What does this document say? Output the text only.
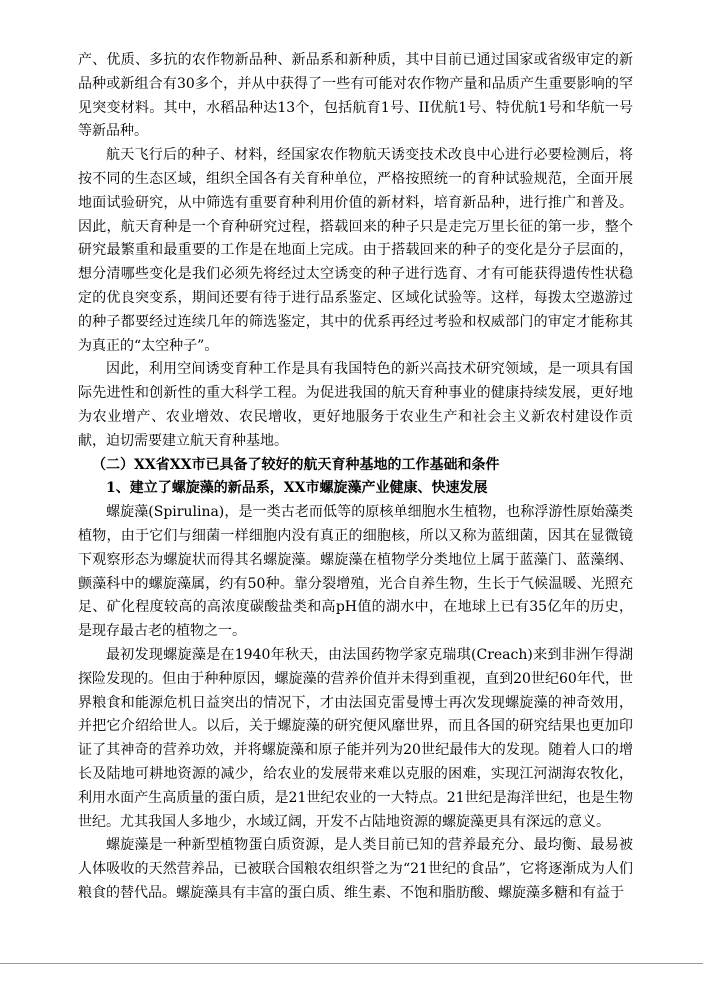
产、优质、多抗的农作物新品种、新品系和新种质，其中目前已通过国家或省级审定的新品种或新组合有30多个，并从中获得了一些有可能对农作物产量和品质产生重要影响的罕见突变材料。其中，水稻品种达13个，包括航育1号、II优航1号、特优航1号和华航一号等新品种。

航天飞行后的种子、材料，经国家农作物航天诱变技术改良中心进行必要检测后，将按不同的生态区域，组织全国各有关育种单位，严格按照统一的育种试验规范，全面开展地面试验研究，从中筛选有重要育种利用价值的新材料，培育新品种，进行推广和普及。因此，航天育种是一个育种研究过程，搭载回来的种子只是走完万里长征的第一步，整个研究最繁重和最重要的工作是在地面上完成。由于搭载回来的种子的变化是分子层面的，想分清哪些变化是我们必须先将经过太空诱变的种子进行选育、才有可能获得遗传性状稳定的优良突变系，期间还要有待于进行品系鉴定、区域化试验等。这样，每拨太空遨游过的种子都要经过连续几年的筛选鉴定，其中的优系再经过考验和权威部门的审定才能称其为真正的“太空种子”。

因此，利用空间诱变育种工作是具有我国特色的新兴高技术研究领域，是一项具有国际先进性和创新性的重大科学工程。为促进我国的航天育种事业的健康持续发展，更好地为农业增产、农业增效、农民增收，更好地服务于农业生产和社会主义新农村建设作贡献，迫切需要建立航天育种基地。

（二）XX省XX市已具备了较好的航天育种基地的工作基础和条件

1、建立了螺旋藻的新品系，XX市螺旋藻产业健康、快速发展

螺旋藻(Spirulina)，是一类古老而低等的原核单细胞水生植物，也称浮游性原始藻类植物，由于它们与细菌一样细胞内没有真正的细胞核，所以又称为蓝细菌，因其在显微镜下观察形态为螺旋状而得其名螺旋藻。螺旋藻在植物学分类地位上属于蓝藻门、蓝藻纲、颤藻科中的螺旋藻属，约有50种。靠分裂增殖，光合自养生物，生长于气候温暖、光照充足、矿化程度较高的高浓度碳酸盐类和高pH值的湖水中，在地球上已有35亿年的历史，是现存最古老的植物之一。

最初发现螺旋藻是在1940年秋天，由法国药物学家克瑞琪(Creach)来到非洲乍得湖探险发现的。但由于种种原因，螺旋藻的营养价值并未得到重视，直到20世纪60年代，世界粮食和能源危机日益突出的情况下，才由法国克雷曼博士再次发现螺旋藻的神奇效用，并把它介绍给世人。以后，关于螺旋藻的研究便风靡世界，而且各国的研究结果也更加印证了其神奇的营养功效，并将螺旋藻和原子能并列为20世纪最伟大的发现。随着人口的增长及陆地可耕地资源的减少，给农业的发展带来难以克服的困难，实现江河湖海农牧化，利用水面产生高质量的蛋白质，是21世纪农业的一大特点。21世纪是海洋世纪，也是生物世纪。尤其我国人多地少，水域辽阔，开发不占陆地资源的螺旋藻更具有深远的意义。

螺旋藻是一种新型植物蛋白质资源，是人类目前已知的营养最充分、最均衡、最易被人体吸收的天然营养品，已被联合国粮农组织誉之为“21世纪的食品”，它将逐渐成为人们粮食的替代品。螺旋藻具有丰富的蛋白质、维生素、不饱和脂肪酸、螺旋藻多糖和有益于
